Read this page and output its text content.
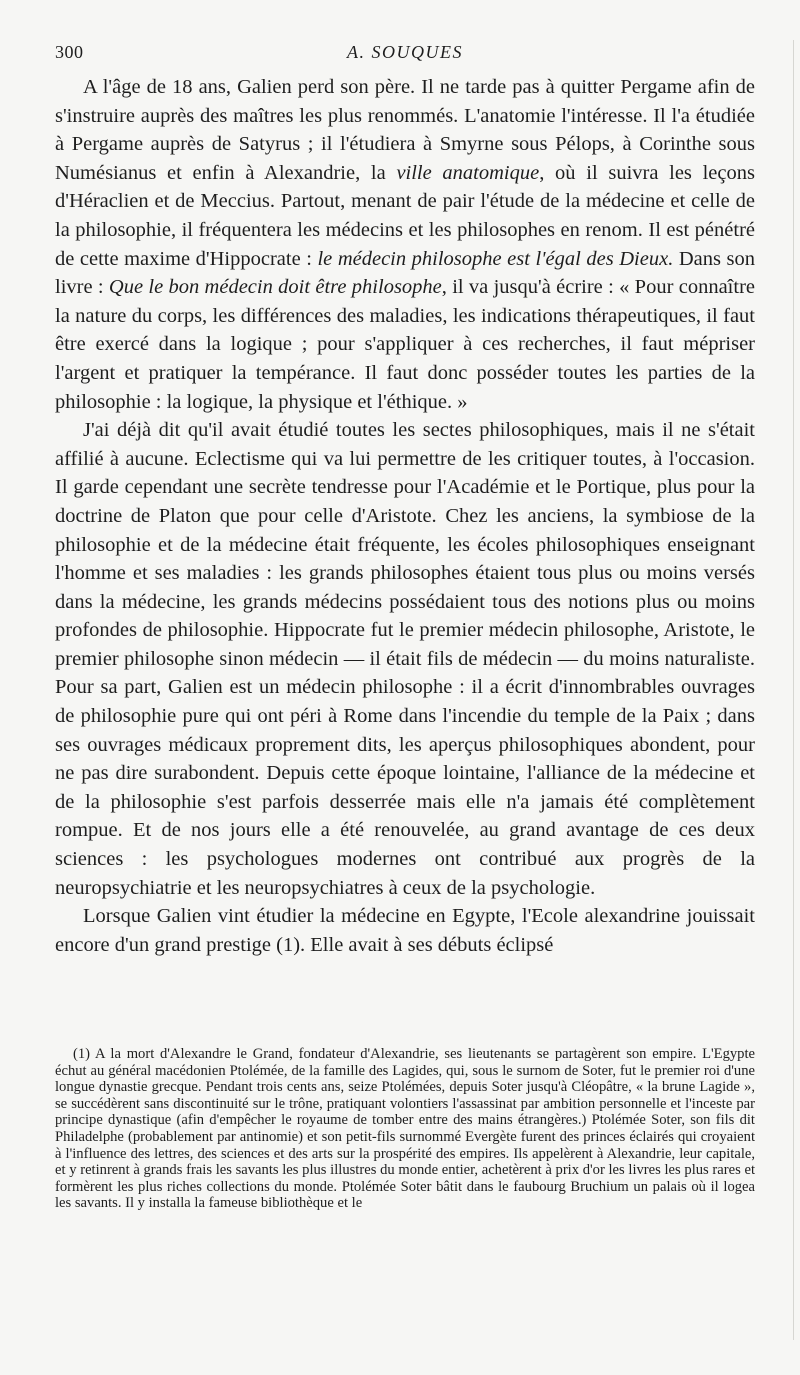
300	A. SOUQUES

A l'âge de 18 ans, Galien perd son père. Il ne tarde pas à quitter Pergame afin de s'instruire auprès des maîtres les plus renommés. L'anatomie l'intéresse. Il l'a étudiée à Pergame auprès de Satyrus ; il l'étudiera à Smyrne sous Pélops, à Corinthe sous Numésianus et enfin à Alexandrie, la ville anatomique, où il suivra les leçons d'Héraclien et de Meccius. Partout, menant de pair l'étude de la médecine et celle de la philosophie, il fréquentera les médecins et les philosophes en renom. Il est pénétré de cette maxime d'Hippocrate : le médecin philosophe est l'égal des Dieux. Dans son livre : Que le bon médecin doit être philosophe, il va jusqu'à écrire : « Pour connaître la nature du corps, les différences des maladies, les indications thérapeutiques, il faut être exercé dans la logique ; pour s'appliquer à ces recherches, il faut mépriser l'argent et pratiquer la tempérance. Il faut donc posséder toutes les parties de la philosophie : la logique, la physique et l'éthique. »

J'ai déjà dit qu'il avait étudié toutes les sectes philosophiques, mais il ne s'était affilié à aucune. Eclectisme qui va lui permettre de les critiquer toutes, à l'occasion. Il garde cependant une secrète tendresse pour l'Académie et le Portique, plus pour la doctrine de Platon que pour celle d'Aristote. Chez les anciens, la symbiose de la philosophie et de la médecine était fréquente, les écoles philosophiques enseignant l'homme et ses maladies : les grands philosophes étaient tous plus ou moins versés dans la médecine, les grands médecins possédaient tous des notions plus ou moins profondes de philosophie. Hippocrate fut le premier médecin philosophe, Aristote, le premier philosophe sinon médecin — il était fils de médecin — du moins naturaliste. Pour sa part, Galien est un médecin philosophe : il a écrit d'innombrables ouvrages de philosophie pure qui ont péri à Rome dans l'incendie du temple de la Paix ; dans ses ouvrages médicaux proprement dits, les aperçus philosophiques abondent, pour ne pas dire surabondent. Depuis cette époque lointaine, l'alliance de la médecine et de la philosophie s'est parfois desserrée mais elle n'a jamais été complètement rompue. Et de nos jours elle a été renouvelée, au grand avantage de ces deux sciences : les psychologues modernes ont contribué aux progrès de la neuropsychiatrie et les neuropsychiatres à ceux de la psychologie.

Lorsque Galien vint étudier la médecine en Egypte, l'Ecole alexandrine jouissait encore d'un grand prestige (1). Elle avait à ses débuts éclipsé

(1) A la mort d'Alexandre le Grand, fondateur d'Alexandrie, ses lieutenants se partagèrent son empire. L'Egypte échut au général macédonien Ptolémée, de la famille des Lagides, qui, sous le surnom de Soter, fut le premier roi d'une longue dynastie grecque. Pendant trois cents ans, seize Ptolémées, depuis Soter jusqu'à Cléopâtre, « la brune Lagide », se succédèrent sans discontinuité sur le trône, pratiquant volontiers l'assassinat par ambition personnelle et l'inceste par principe dynastique (afin d'empêcher le royaume de tomber entre des mains étrangères.) Ptolémée Soter, son fils dit Philadelphe (probablement par antinomie) et son petit-fils surnommé Evergète furent des princes éclairés qui croyaient à l'influence des lettres, des sciences et des arts sur la prospérité des empires. Ils appelèrent à Alexandrie, leur capitale, et y retinrent à grands frais les savants les plus illustres du monde entier, achetèrent à prix d'or les livres les plus rares et formèrent les plus riches collections du monde. Ptolémée Soter bâtit dans le faubourg Bruchium un palais où il logea les savants. Il y installa la fameuse bibliothèque et le
